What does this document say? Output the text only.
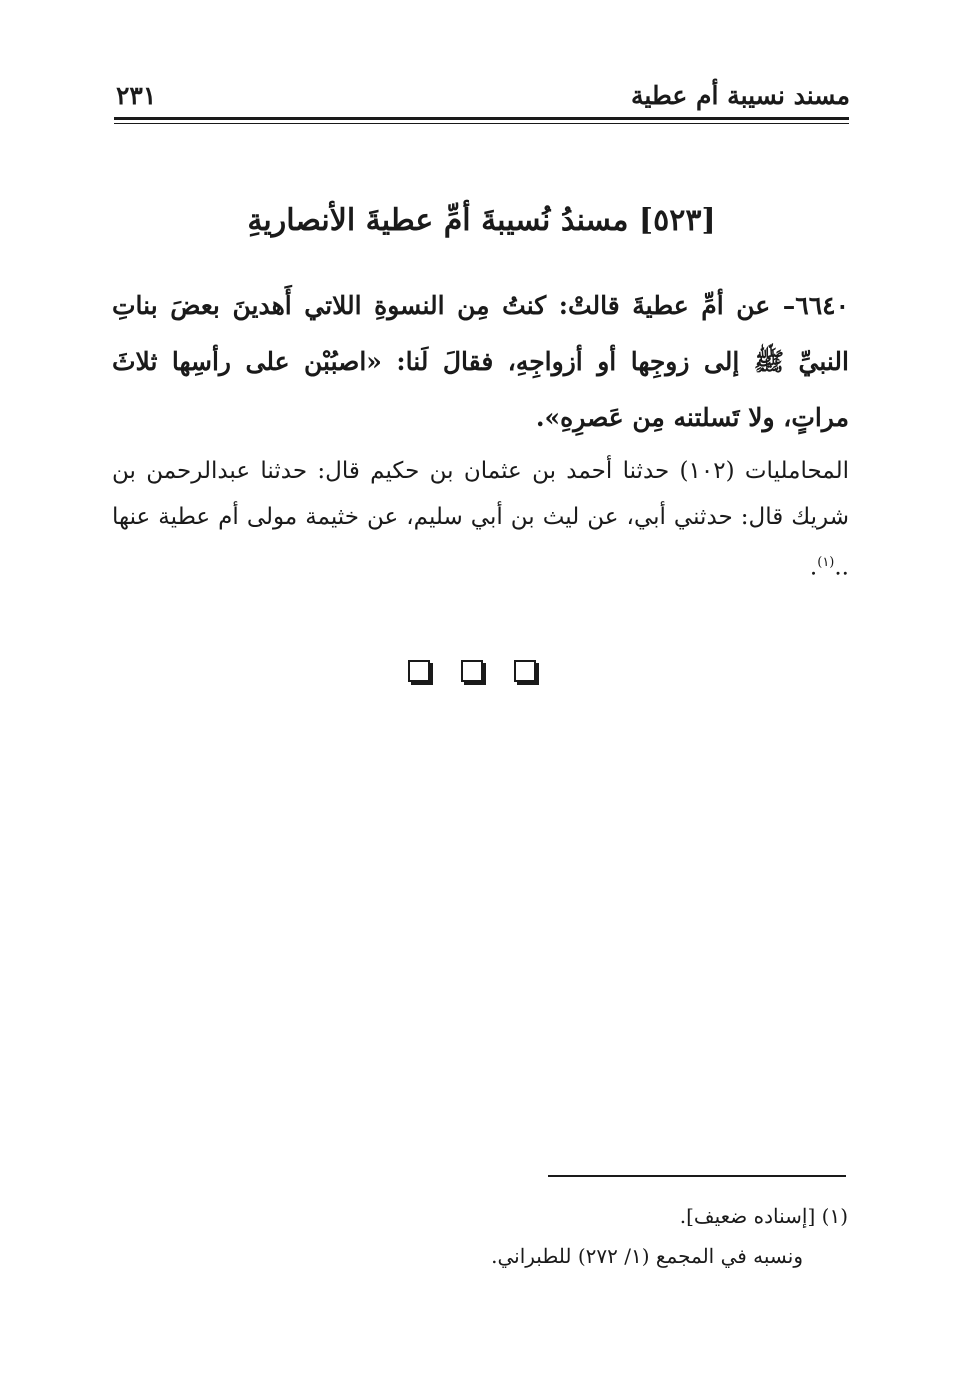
٢٣١	مسند نسيبة أم عطية
[٥٢٣] مسندُ نُسيبةَ أمِّ عطيةَ الأنصاريةِ
٦٦٤٠– عن أمِّ عطيةَ قالتْ: كنتُ مِن النسوةِ اللاتي أَهدينَ بعضَ بناتِ النبيِّ ﷺ إلى زوجِها أو أزواجِهِ، فقالَ لَنا: «اصبُبْن على رأسِها ثلاثَ مراتٍ، ولا تَسلتنه مِن عَصرِهِ».
المحامليات (١٠٢) حدثنا أحمد بن عثمان بن حكيم قال: حدثنا عبدالرحمن بن شريك قال: حدثني أبي، عن ليث بن أبي سليم، عن خثيمة مولى أم عطية عنها ..$^{(١)}$.
(١) [إسناده ضعيف].
ونسبه في المجمع (١/ ٢٧٢) للطبراني.
